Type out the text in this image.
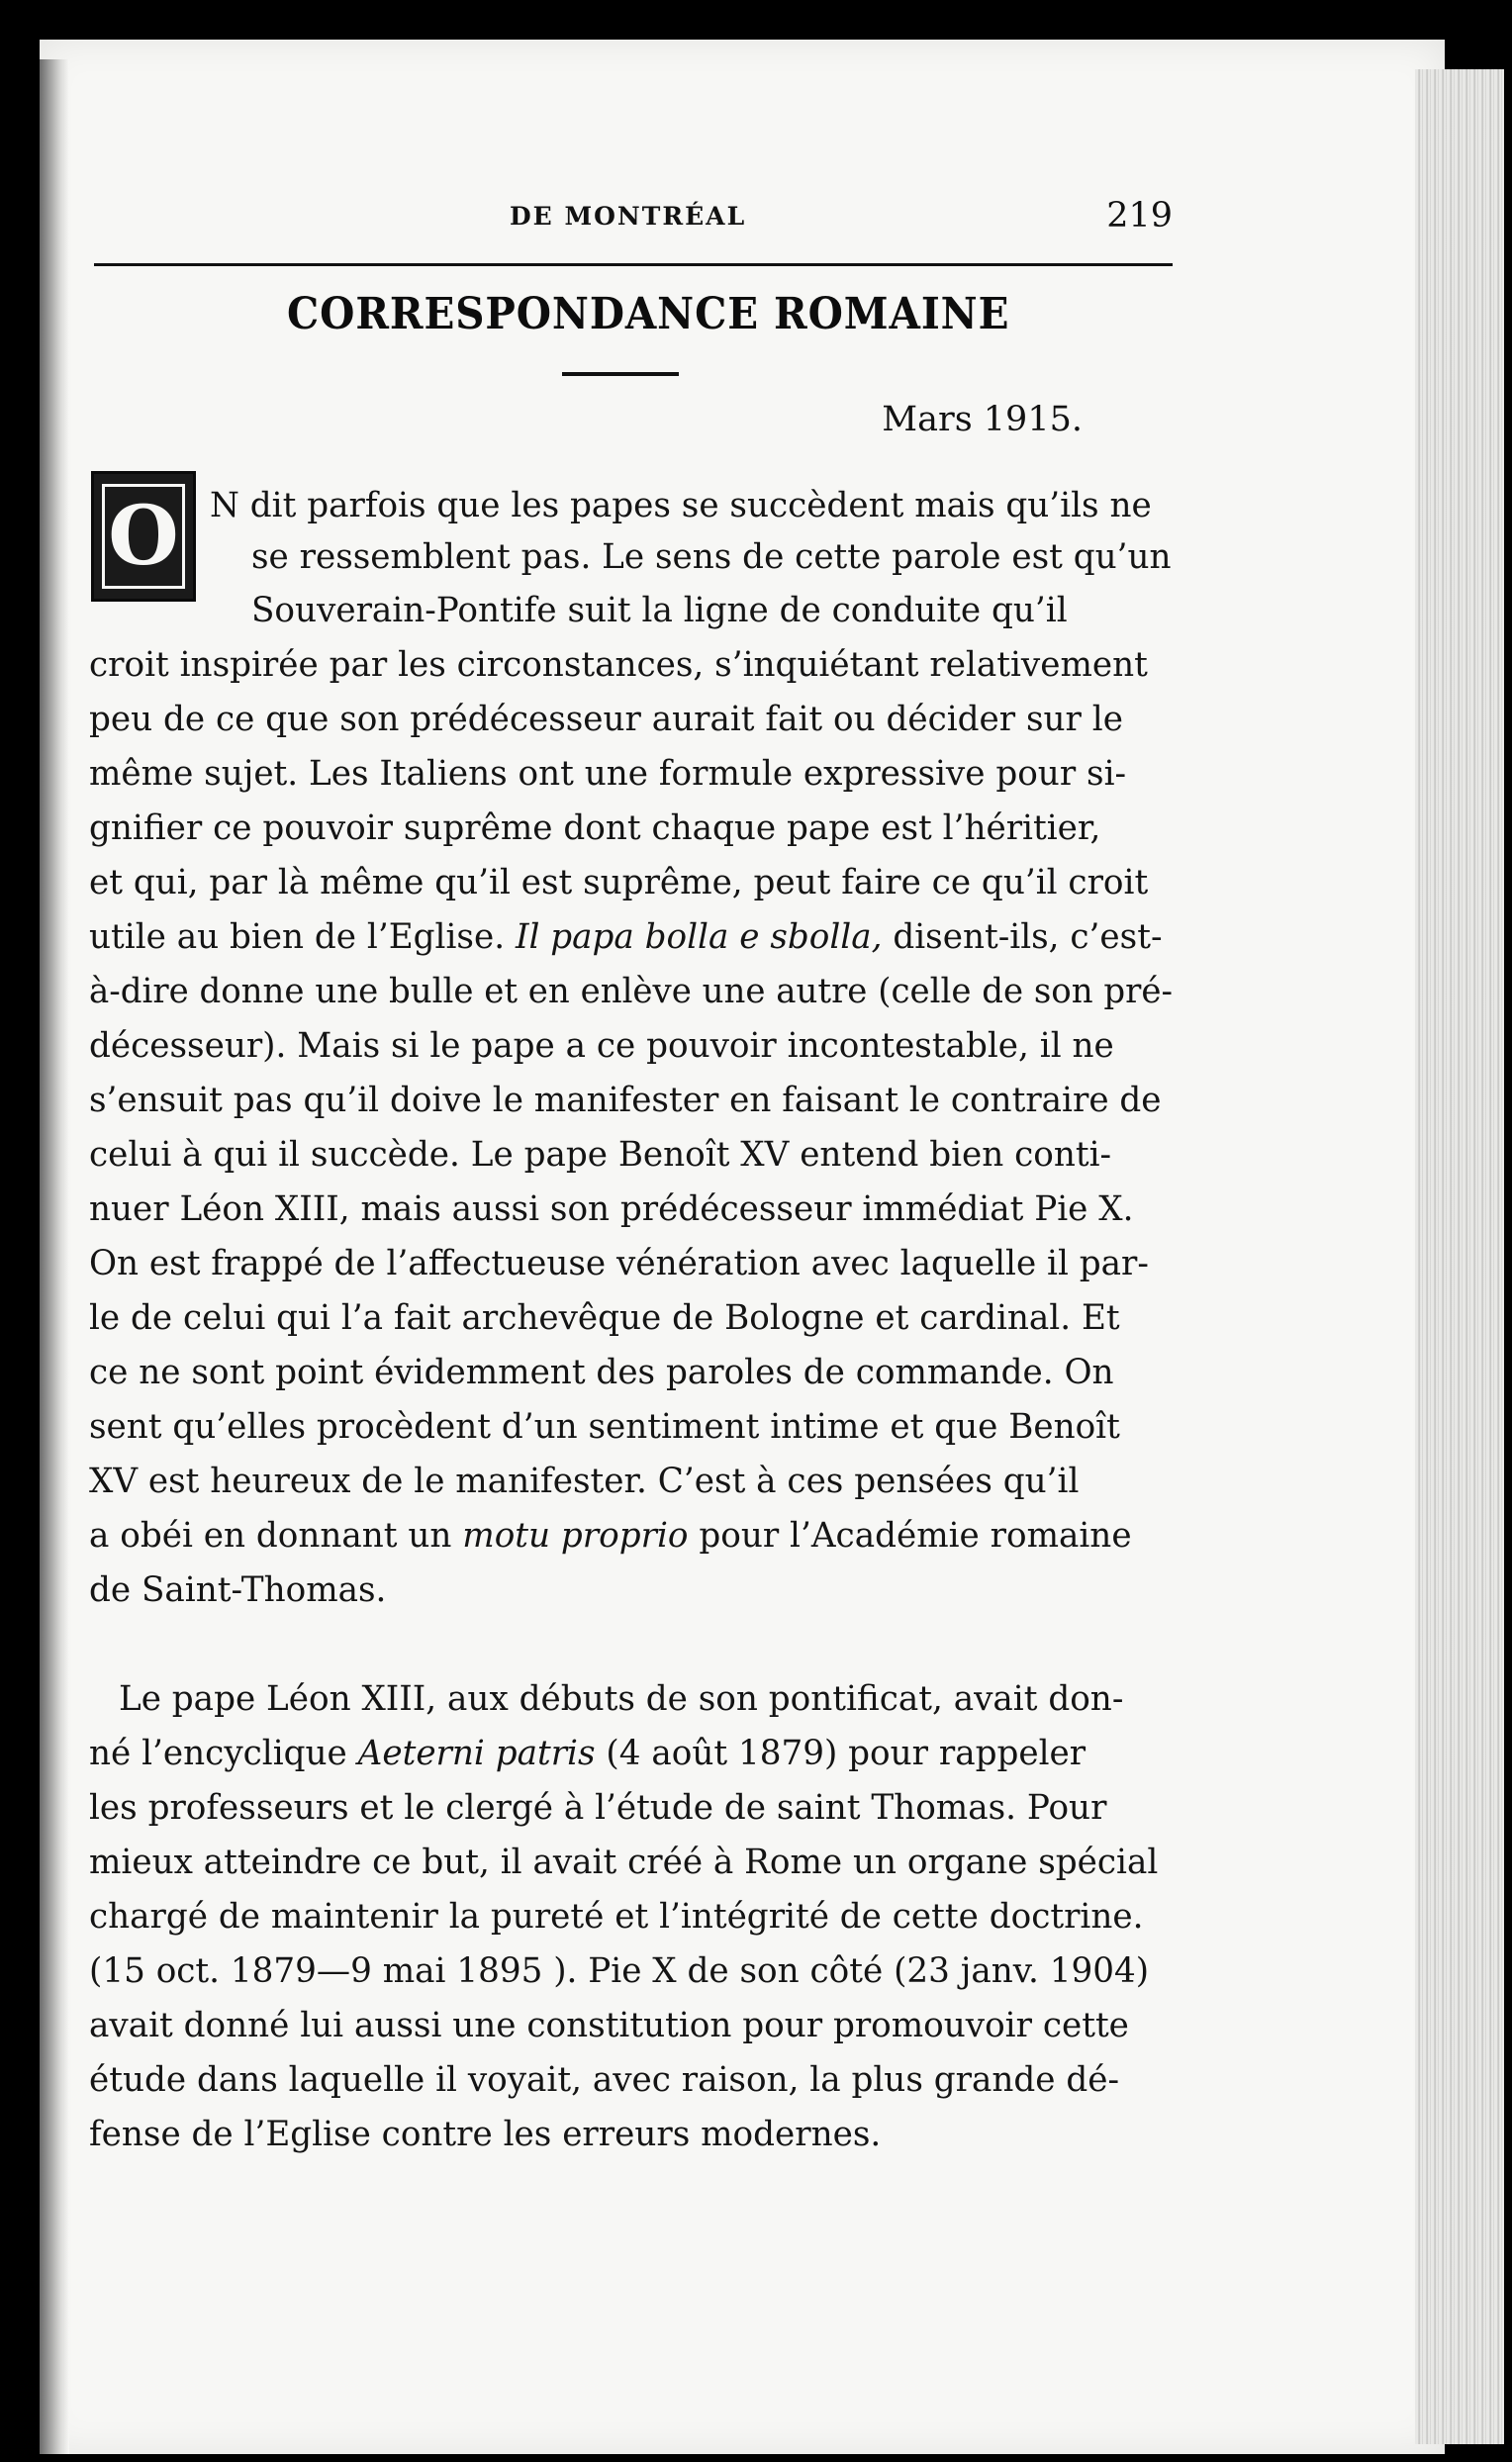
DE MONTRÉAL	219
CORRESPONDANCE ROMAINE
Mars 1915.
O N dit parfois que les papes se succèdent mais qu’ils ne
se ressemblent pas. Le sens de cette parole est qu’un
Souverain-Pontife suit la ligne de conduite qu’il
croit inspirée par les circonstances, s’inquiétant relativement
peu de ce que son prédécesseur aurait fait ou décider sur le
même sujet. Les Italiens ont une formule expressive pour si-
gnifier ce pouvoir suprême dont chaque pape est l’héritier,
et qui, par là même qu’il est suprême, peut faire ce qu’il croit
utile au bien de l’Eglise. Il papa bolla e sbolla, disent-ils, c’est-
à-dire donne une bulle et en enlève une autre (celle de son pré-
décesseur). Mais si le pape a ce pouvoir incontestable, il ne
s’ensuit pas qu’il doive le manifester en faisant le contraire de
celui à qui il succède. Le pape Benoît XV entend bien conti-
nuer Léon XIII, mais aussi son prédécesseur immédiat Pie X.
On est frappé de l’affectueuse vénération avec laquelle il par-
le de celui qui l’a fait archevêque de Bologne et cardinal. Et
ce ne sont point évidemment des paroles de commande. On
sent qu’elles procèdent d’un sentiment intime et que Benoît
XV est heureux de le manifester. C’est à ces pensées qu’il
a obéi en donnant un motu proprio pour l’Académie romaine
de Saint-Thomas.
Le pape Léon XIII, aux débuts de son pontificat, avait don-
né l’encyclique Aeterni patris (4 août 1879) pour rappeler
les professeurs et le clergé à l’étude de saint Thomas. Pour
mieux atteindre ce but, il avait créé à Rome un organe spécial
chargé de maintenir la pureté et l’intégrité de cette doctrine.
(15 oct. 1879—9 mai 1895 ). Pie X de son côté (23 janv. 1904)
avait donné lui aussi une constitution pour promouvoir cette
étude dans laquelle il voyait, avec raison, la plus grande dé-
fense de l’Eglise contre les erreurs modernes.
